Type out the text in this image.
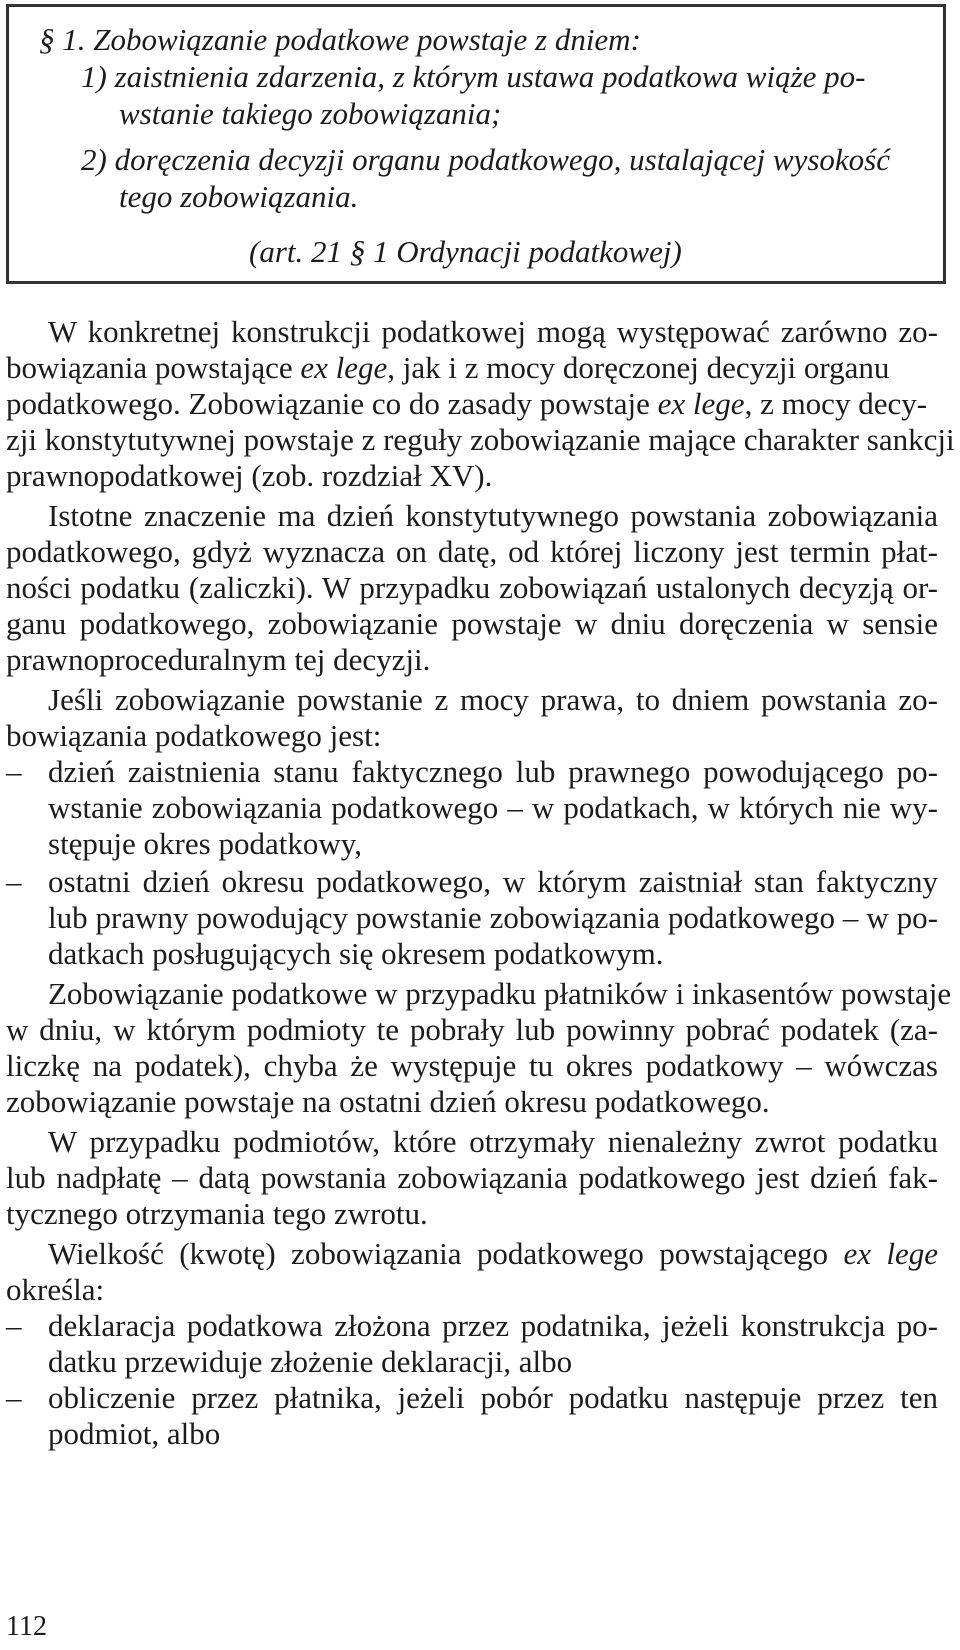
§ 1. Zobowiązanie podatkowe powstaje z dniem:
1) zaistnienia zdarzenia, z którym ustawa podatkowa wiąże po-
wstanie takiego zobowiązania;
2) doręczenia decyzji organu podatkowego, ustalającej wysokość
tego zobowiązania.
(art. 21 § 1 Ordynacji podatkowej)
W konkretnej konstrukcji podatkowej mogą występować zarówno zo-
bowiązania powstające ex lege, jak i z mocy doręczonej decyzji organu
podatkowego. Zobowiązanie co do zasady powstaje ex lege, z mocy decy-
zji konstytutywnej powstaje z reguły zobowiązanie mające charakter sankcji
prawnopodatkowej (zob. rozdział XV).
Istotne znaczenie ma dzień konstytutywnego powstania zobowiązania
podatkowego, gdyż wyznacza on datę, od której liczony jest termin płat-
ności podatku (zaliczki). W przypadku zobowiązań ustalonych decyzją or-
ganu podatkowego, zobowiązanie powstaje w dniu doręczenia w sensie
prawnoproceduralnym tej decyzji.
Jeśli zobowiązanie powstanie z mocy prawa, to dniem powstania zo-
bowiązania podatkowego jest:
– dzień zaistnienia stanu faktycznego lub prawnego powodującego po-
wstanie zobowiązania podatkowego – w podatkach, w których nie wy-
stępuje okres podatkowy,
– ostatni dzień okresu podatkowego, w którym zaistniał stan faktyczny
lub prawny powodujący powstanie zobowiązania podatkowego – w po-
datkach posługujących się okresem podatkowym.
Zobowiązanie podatkowe w przypadku płatników i inkasentów powstaje
w dniu, w którym podmioty te pobrały lub powinny pobrać podatek (za-
liczkę na podatek), chyba że występuje tu okres podatkowy – wówczas
zobowiązanie powstaje na ostatni dzień okresu podatkowego.
W przypadku podmiotów, które otrzymały nienależny zwrot podatku
lub nadpłatę – datą powstania zobowiązania podatkowego jest dzień fak-
tycznego otrzymania tego zwrotu.
Wielkość (kwotę) zobowiązania podatkowego powstającego ex lege
określa:
– deklaracja podatkowa złożona przez podatnika, jeżeli konstrukcja po-
datku przewiduje złożenie deklaracji, albo
– obliczenie przez płatnika, jeżeli pobór podatku następuje przez ten
podmiot, albo
112
